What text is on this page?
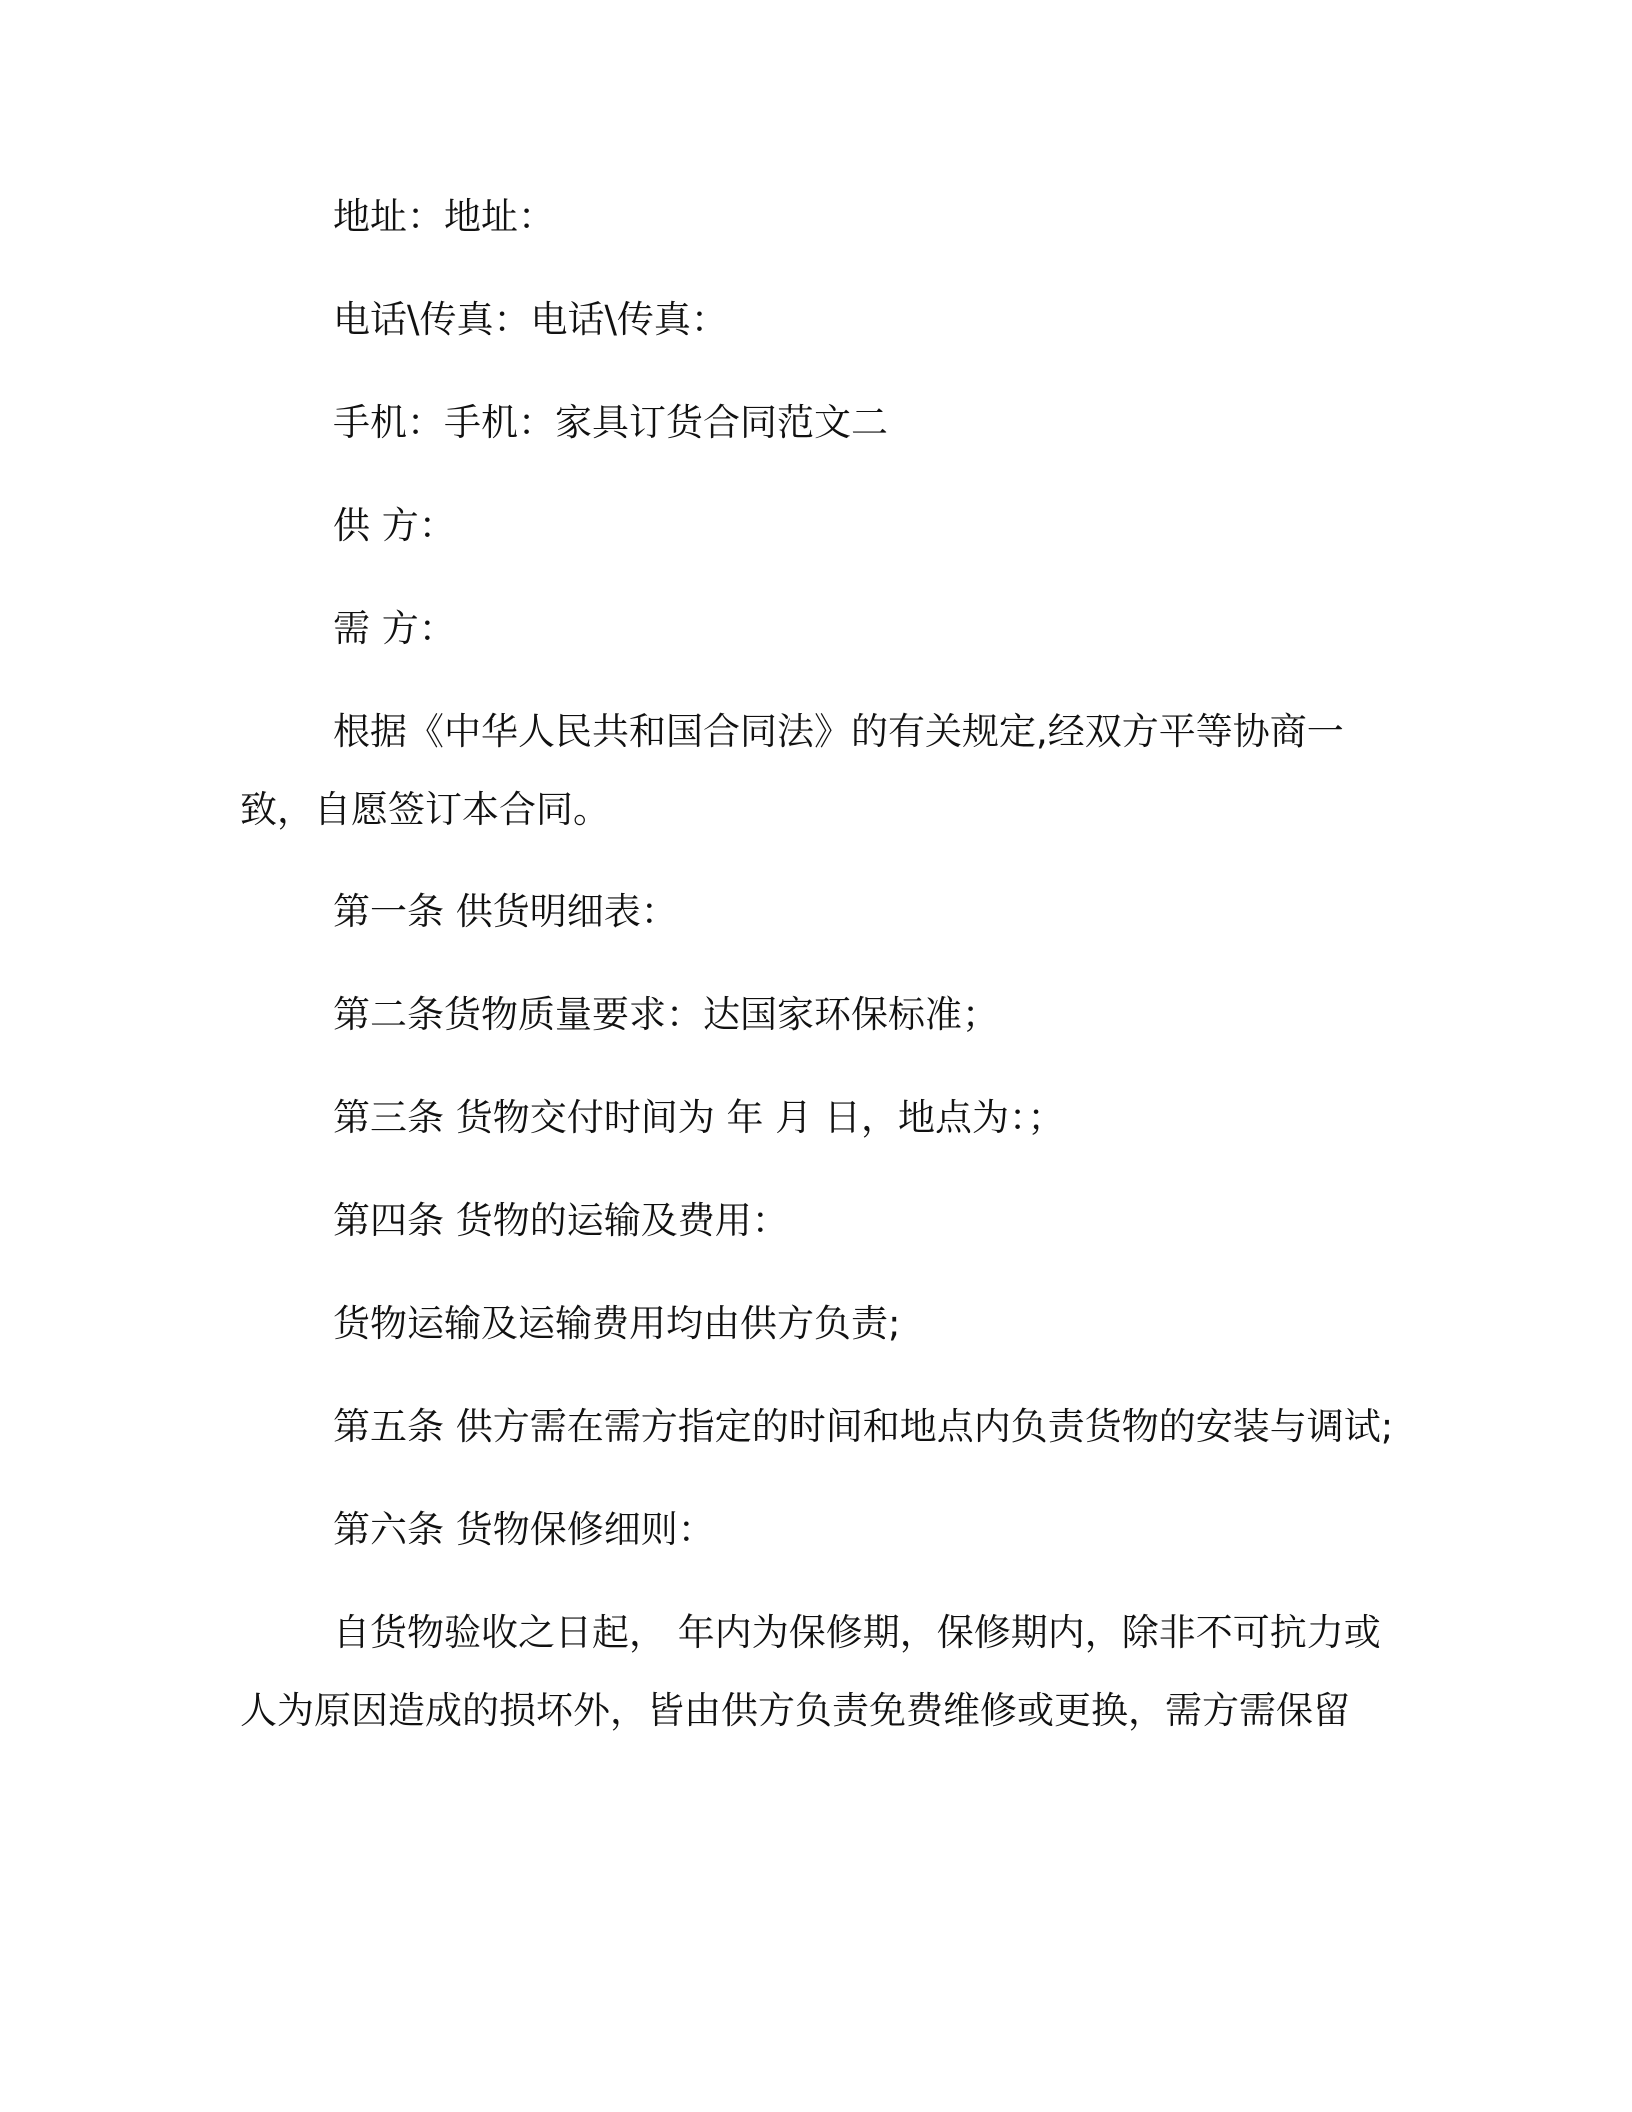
地址：地址：
电话\传真：电话\传真：
手机：手机：家具订货合同范文二
供 方：
需 方：
根据《中华人民共和国合同法》的有关规定,经双方平等协商一
致，自愿签订本合同。
第一条 供货明细表：
第二条货物质量要求：达国家环保标准；
第三条 货物交付时间为 年 月 日，地点为：；
第四条 货物的运输及费用：
货物运输及运输费用均由供方负责;
第五条 供方需在需方指定的时间和地点内负责货物的安装与调试;
第六条 货物保修细则：
自货物验收之日起， 年内为保修期，保修期内，除非不可抗力或
人为原因造成的损坏外，皆由供方负责免费维修或更换，需方需保留
